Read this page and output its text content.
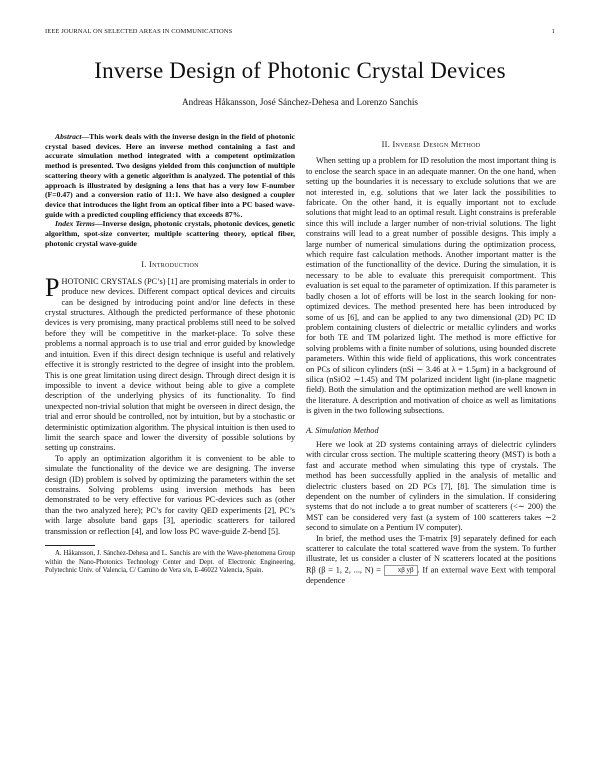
IEEE JOURNAL ON SELECTED AREAS IN COMMUNICATIONS	1
Inverse Design of Photonic Crystal Devices
Andreas Håkansson, José Sánchez-Dehesa and Lorenzo Sanchis

Abstract—This work deals with the inverse design in the field of photonic crystal based devices. Here an inverse method containing a fast and accurate simulation method integrated with a competent optimization method is presented. Two designs yielded from this conjunction of multiple scattering theory with a genetic algorithm is analyzed. The potential of this approach is illustrated by designing a lens that has a very low F-number (F=0.47) and a conversion ratio of 11:1. We have also designed a coupler device that introduces the light from an optical fiber into a PC based wave-guide with a predicted coupling efficiency that exceeds 87%.

Index Terms—Inverse design, photonic crystals, photonic devices, genetic algorithm, spot-size converter, multiple scattering theory, optical fiber, photonic crystal wave-guide

I. Introduction

PHOTONIC CRYSTALS (PC’s) [1] are promising materials in order to produce new devices. Different compact optical devices and circuits can be designed by introducing point and/or line defects in these crystal structures. Although the predicted performance of these photonic devices is very promising, many practical problems still need to be solved before they will be competitive in the market-place. To solve these problems a normal approach is to use trial and error guided by knowledge and intuition. Even if this direct design technique is useful and relatively effective it is strongly restricted to the degree of insight into the problem. This is one great limitation using direct design. Through direct design it is impossible to invent a device without being able to give a complete description of the underlying physics of its functionality. To find unexpected non-trivial solution that might be overseen in direct design, the trial and error should be controlled, not by intuition, but by a stochastic or deterministic optimization algorithm. The physical intuition is then used to limit the search space and lower the diversity of possible solutions by setting up constrains.

To apply an optimization algorithm it is convenient to be able to simulate the functionality of the device we are designing. The inverse design (ID) problem is solved by optimizing the parameters within the set constrains. Solving problems using inversion methods has been demonstrated to be very effective for various PC-devices such as (other than the two analyzed here); PC’s for cavity QED experiments [2], PC’s with large absolute band gaps [3], aperiodic scatterers for tailored transmission or reflection [4], and low loss PC wave-guide Z-bend [5].

A. Håkansson, J. Sánchez-Dehesa and L. Sanchis are with the Wave-phenomena Group within the Nano-Photonics Technology Center and Dept. of Electronic Engineering, Polytechnic Univ. of Valencia, C/ Camino de Vera s/n, E-46022 Valencia, Spain.

II. Inverse Design Method

When setting up a problem for ID resolution the most important thing is to enclose the search space in an adequate manner. On the one hand, when setting up the boundaries it is necessary to exclude solutions that we are not interested in, e.g. solutions that we later lack the possibilities to fabricate. On the other hand, it is equally important not to exclude solutions that might lead to an optimal result. Light constrains is preferable since this will include a larger number of non-trivial solutions. The light constrains will lead to a great number of possible designs. This imply a large number of numerical simulations during the optimization process, which require fast calculation methods. Another important matter is the estimation of the functionallity of the device. During the simulation, it is necessary to be able to evaluate this prerequisit comportment. This evaluation is set equal to the parameter of optimization. If this parameter is badly chosen a lot of efforts will be lost in the search looking for non-optimized devices. The method presented here has been introduced by some of us [6], and can be applied to any two dimensional (2D) PC ID problem containing clusters of dielectric or metallic cylinders and works for both TE and TM polarized light. The method is more effictive for solving problems with a finite number of solutions, using bounded discrete parameters. Within this wide field of applications, this work concentrates on PCs of silicon cylinders (nSi ∼ 3.46 at λ = 1.5μm) in a background of silica (nSiO2 ∼1.45) and TM polarized incident light (in-plane magnetic field). Both the simulation and the optimization method are well known in the literature. A description and motivation of choice as well as limitations is given in the two following subsections.

A. Simulation Method

Here we look at 2D systems containing arrays of dielectric cylinders with circular cross section. The multiple scattering theory (MST) is both a fast and accurate method when simulating this type of crystals. The method has been successfully applied in the analysis of metallic and dielectric clusters based on 2D PCs [7], [8]. The simulation time is dependent on the number of cylinders in the simulation. If considering systems that do not include a to great number of scatterers (<∼ 200) the MST can be considered very fast (a system of 100 scatterers takes ∼2 second to simulate on a Pentium IV computer).

In brief, the method uses the T-matrix [9] separately defined for each scatterer to calculate the total scattered wave from the system. To further illustrate, let us consider a cluster of N scatterers located at the positions Rβ (β = 1, 2, ..., N) = xβ yβ . If an external wave Eext with temporal dependence
